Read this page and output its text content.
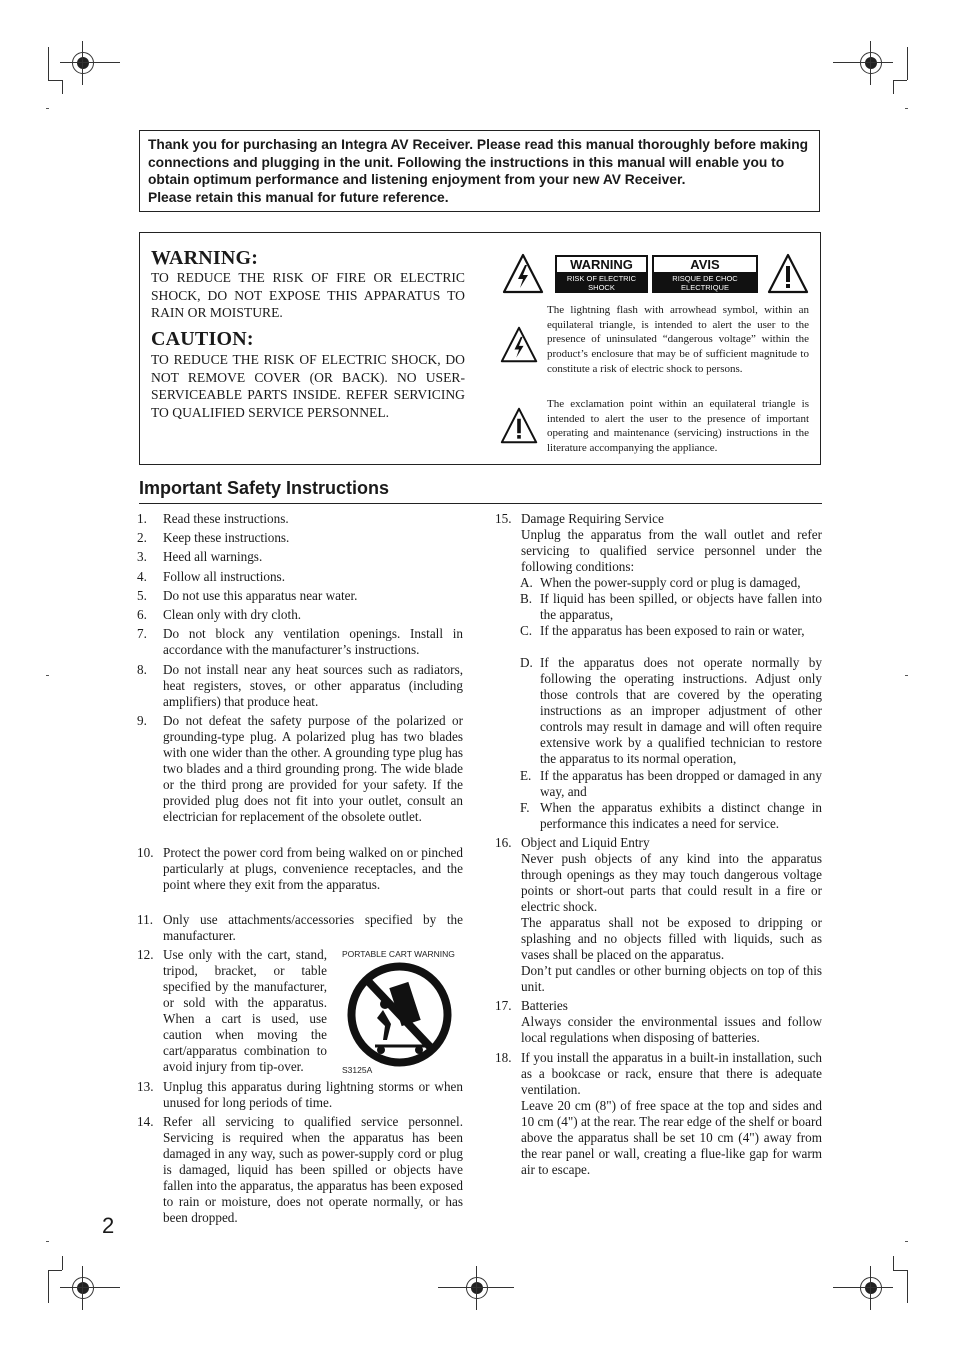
Thank you for purchasing an Integra AV Receiver. Please read this manual thoroughly before making connections and plugging in the unit. Following the instructions in this manual will enable you to obtain optimum performance and listening enjoyment from your new AV Receiver.

Please retain this manual for future reference.

WARNING:
TO REDUCE THE RISK OF FIRE OR ELECTRIC SHOCK, DO NOT EXPOSE THIS APPARATUS TO RAIN OR MOISTURE.
CAUTION:
TO REDUCE THE RISK OF ELECTRIC SHOCK, DO NOT REMOVE COVER (OR BACK). NO USER-SERVICEABLE PARTS INSIDE. REFER SERVICING TO QUALIFIED SERVICE PERSONNEL.
WARNING
RISK OF ELECTRIC SHOCK
DO NOT OPEN
AVIS
RISQUE DE CHOC ELECTRIQUE
NE PAS OUVRIR
The lightning flash with arrowhead symbol, within an equilateral triangle, is intended to alert the user to the presence of uninsulated “dangerous voltage” within the product’s enclosure that may be of sufficient magnitude to constitute a risk of electric shock to persons.
The exclamation point within an equilateral triangle is intended to alert the user to the presence of important operating and maintenance (servicing) instructions in the literature accompanying the appliance.
Important Safety Instructions
1.	Read these instructions.
2.	Keep these instructions.
3.	Heed all warnings.
4.	Follow all instructions.
5.	Do not use this apparatus near water.
6.	Clean only with dry cloth.
7.	Do not block any ventilation openings. Install in accordance with the manufacturer’s instructions.
8.	Do not install near any heat sources such as radiators, heat registers, stoves, or other apparatus (including amplifiers) that produce heat.
9.	Do not defeat the safety purpose of the polarized or grounding-type plug. A polarized plug has two blades with one wider than the other. A grounding type plug has two blades and a third grounding prong. The wide blade or the third prong are provided for your safety. If the provided plug does not fit into your outlet, consult an electrician for replacement of the obsolete outlet.
10. Protect the power cord from being walked on or pinched particularly at plugs, convenience receptacles, and the point where they exit from the apparatus.
11. Only use attachments/accessories specified by the manufacturer.
12. Use only with the cart, stand, tripod, bracket, or table specified by the manufacturer, or sold with the apparatus. When a cart is used, use caution when moving the cart/apparatus combination to avoid injury from tip-over.
PORTABLE CART WARNING
S3125A
13. Unplug this apparatus during lightning storms or when unused for long periods of time.
14. Refer all servicing to qualified service personnel. Servicing is required when the apparatus has been damaged in any way, such as power-supply cord or plug is damaged, liquid has been spilled or objects have fallen into the apparatus, the apparatus has been exposed to rain or moisture, does not operate normally, or has been dropped.
15. Damage Requiring Service
Unplug the apparatus from the wall outlet and refer servicing to qualified service personnel under the following conditions:
A. When the power-supply cord or plug is damaged,
B. If liquid has been spilled, or objects have fallen into the apparatus,
C. If the apparatus has been exposed to rain or water,
D. If the apparatus does not operate normally by following the operating instructions. Adjust only those controls that are covered by the operating instructions as an improper adjustment of other controls may result in damage and will often require extensive work by a qualified technician to restore the apparatus to its normal operation,
E. If the apparatus has been dropped or damaged in any way, and
F. When the apparatus exhibits a distinct change in performance this indicates a need for service.
16. Object and Liquid Entry
Never push objects of any kind into the apparatus through openings as they may touch dangerous voltage points or short-out parts that could result in a fire or electric shock.
The apparatus shall not be exposed to dripping or splashing and no objects filled with liquids, such as vases shall be placed on the apparatus.
Don’t put candles or other burning objects on top of this unit.
17. Batteries
Always consider the environmental issues and follow local regulations when disposing of batteries.
18. If you install the apparatus in a built-in installation, such as a bookcase or rack, ensure that there is adequate ventilation.
Leave 20 cm (8") of free space at the top and sides and 10 cm (4") at the rear. The rear edge of the shelf or board above the apparatus shall be set 10 cm (4") away from the rear panel or wall, creating a flue-like gap for warm air to escape.
2
